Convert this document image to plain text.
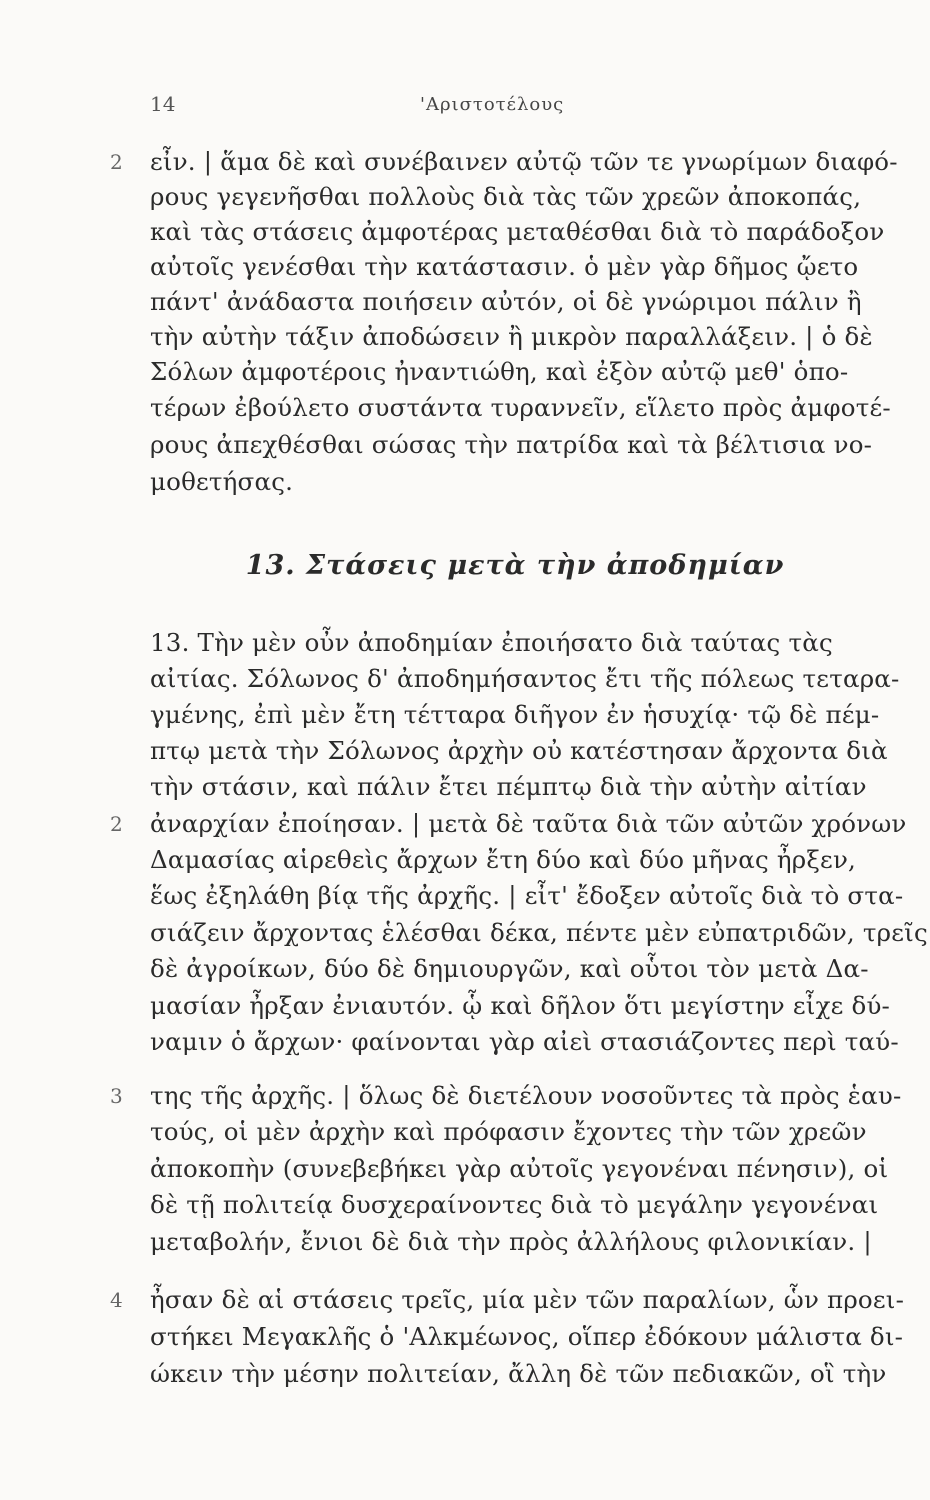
14	'Αριστοτέλους
2 εἶν. | ἅμα δὲ καὶ συνέβαινεν αὐτῷ τῶν τε γνωρίμων διαφό-
ρους γεγενῆσθαι πολλοὺς διὰ τὰς τῶν χρεῶν ἀποκοπάς,
καὶ τὰς στάσεις ἀμφοτέρας μεταθέσθαι διὰ τὸ παράδοξον
αὐτοῖς γενέσθαι τὴν κατάστασιν. ὁ μὲν γὰρ δῆμος ᾤετο
πάντ' ἀνάδαστα ποιήσειν αὐτόν, οἱ δὲ γνώριμοι πάλιν ἢ
τὴν αὐτὴν τάξιν ἀποδώσειν ἢ μικρὸν παραλλάξειν. | ὁ δὲ
Σόλων ἀμφοτέροις ἠναντιώθη, καὶ ἐξὸν αὐτῷ μεθ' ὁπο-
τέρων ἐβούλετο συστάντα τυραννεῖν, εἵλετο πρὸς ἀμφοτέ-
ρους ἀπεχθέσθαι σώσας τὴν πατρίδα καὶ τὰ βέλτισια νο-
μοθετήσας.
13. Στάσεις μετὰ τὴν ἀποδημίαν
2
3
4
13. Τὴν μὲν οὖν ἀποδημίαν ἐποιήσατο διὰ ταύτας τὰς
αἰτίας. Σόλωνος δ' ἀποδημήσαντος ἔτι τῆς πόλεως τεταρα-
γμένης, ἐπὶ μὲν ἔτη τέτταρα διῆγον ἐν ἡσυχίᾳ· τῷ δὲ πέμ-
πτῳ μετὰ τὴν Σόλωνος ἀρχὴν οὐ κατέστησαν ἄρχοντα διὰ
τὴν στάσιν, καὶ πάλιν ἔτει πέμπτῳ διὰ τὴν αὐτὴν αἰτίαν
ἀναρχίαν ἐποίησαν. | μετὰ δὲ ταῦτα διὰ τῶν αὐτῶν χρόνων
Δαμασίας αἱρεθεὶς ἄρχων ἔτη δύο καὶ δύο μῆνας ἦρξεν,
ἕως ἐξηλάθη βίᾳ τῆς ἀρχῆς. | εἶτ' ἔδοξεν αὐτοῖς διὰ τὸ στα-
σιάζειν ἄρχοντας ἑλέσθαι δέκα, πέντε μὲν εὐπατριδῶν, τρεῖς
δὲ ἀγροίκων, δύο δὲ δημιουργῶν, καὶ οὗτοι τὸν μετὰ Δα-
μασίαν ἦρξαν ἐνιαυτόν. ᾧ καὶ δῆλον ὅτι μεγίστην εἶχε δύ-
ναμιν ὁ ἄρχων· φαίνονται γὰρ αἰεὶ στασιάζοντες περὶ ταύ-
της τῆς ἀρχῆς. | ὅλως δὲ διετέλουν νοσοῦντες τὰ πρὸς ἑαυ-
τούς, οἱ μὲν ἀρχὴν καὶ πρόφασιν ἔχοντες τὴν τῶν χρεῶν
ἀποκοπὴν (συνεβεβήκει γὰρ αὐτοῖς γεγονέναι πένησιν), οἱ
δὲ τῇ πολιτείᾳ δυσχεραίνοντες διὰ τὸ μεγάλην γεγονέναι
μεταβολήν, ἔνιοι δὲ διὰ τὴν πρὸς ἀλλήλους φιλονικίαν. |
ἦσαν δὲ αἱ στάσεις τρεῖς, μία μὲν τῶν παραλίων, ὧν προει-
στήκει Μεγακλῆς ὁ 'Αλκμέωνος, οἵπερ ἐδόκουν μάλιστα δι-
ώκειν τὴν μέσην πολιτείαν, ἄλλη δὲ τῶν πεδιακῶν, οἳ τὴν
